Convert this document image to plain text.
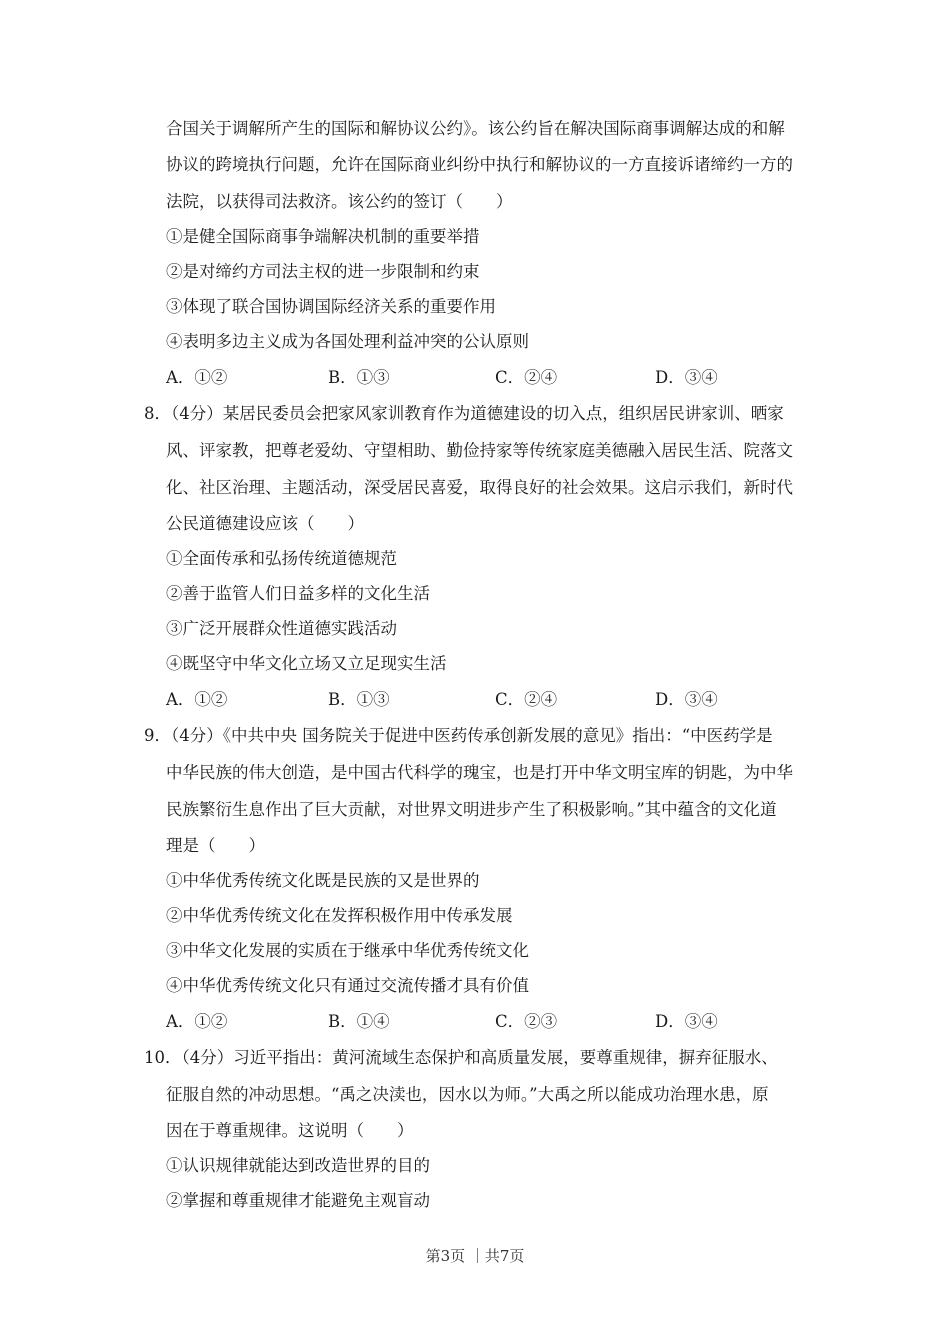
合国关于调解所产生的国际和解协议公约》。该公约旨在解决国际商事调解达成的和解
协议的跨境执行问题，允许在国际商业纠纷中执行和解协议的一方直接诉诸缔约一方的
法院，以获得司法救济。该公约的签订（　　）
①是健全国际商事争端解决机制的重要举措
②是对缔约方司法主权的进一步限制和约束
③体现了联合国协调国际经济关系的重要作用
④表明多边主义成为各国处理利益冲突的公认原则
A．①②	B．①③	C．②④	D．③④
8．（4分）某居民委员会把家风家训教育作为道德建设的切入点，组织居民讲家训、晒家
风、评家教，把尊老爱幼、守望相助、勤俭持家等传统家庭美德融入居民生活、院落文
化、社区治理、主题活动，深受居民喜爱，取得良好的社会效果。这启示我们，新时代
公民道德建设应该（　　）
①全面传承和弘扬传统道德规范
②善于监管人们日益多样的文化生活
③广泛开展群众性道德实践活动
④既坚守中华文化立场又立足现实生活
A．①②	B．①③	C．②④	D．③④
9．（4分）《中共中央 国务院关于促进中医药传承创新发展的意见》指出：“中医药学是
中华民族的伟大创造，是中国古代科学的瑰宝，也是打开中华文明宝库的钥匙，为中华
民族繁衍生息作出了巨大贡献，对世界文明进步产生了积极影响。”其中蕴含的文化道
理是（　　）
①中华优秀传统文化既是民族的又是世界的
②中华优秀传统文化在发挥积极作用中传承发展
③中华文化发展的实质在于继承中华优秀传统文化
④中华优秀传统文化只有通过交流传播才具有价值
A．①②	B．①④	C．②③	D．③④
10．（4分）习近平指出：黄河流域生态保护和高质量发展，要尊重规律，摒弃征服水、
征服自然的冲动思想。“禹之决渎也，因水以为师。”大禹之所以能成功治理水患，原
因在于尊重规律。这说明（　　）
①认识规律就能达到改造世界的目的
②掌握和尊重规律才能避免主观盲动
第3页 ｜共7页
